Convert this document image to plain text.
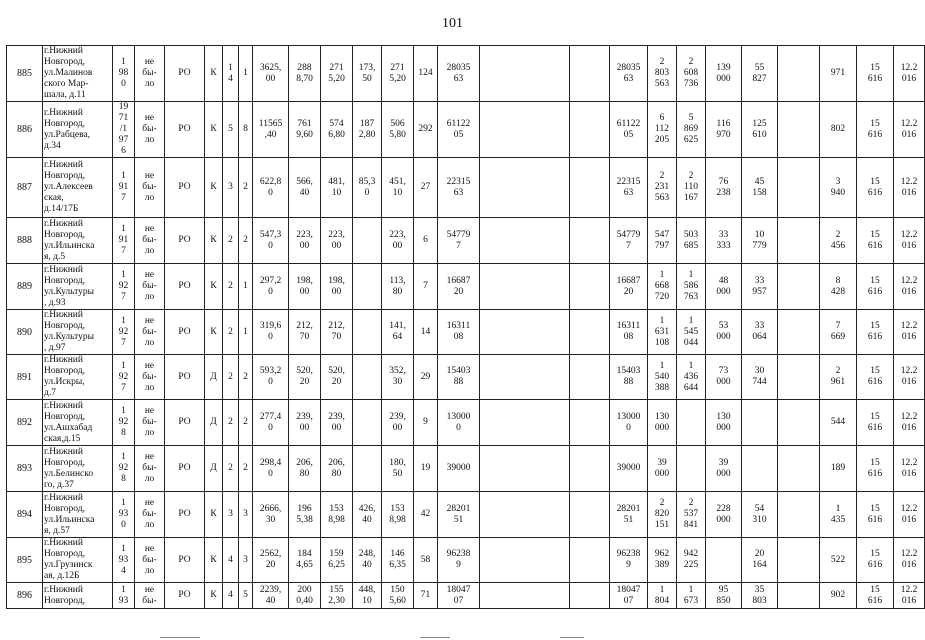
101
885	г.Нижний
Новгород,
ул.Малинов
ского Мар-
шала, д.11	1
98
0	не
бы-
ло	РО	К	1
4	1	3625,
00	288
8,70	271
5,20	173,
50	271
5,20	124	28035
63			28035
63	2
803
563	2
608
736	139
000	55
827		971	15
616	12.2
016
886	г.Нижний
Новгород,
ул.Рабцева,
д.34	19
71
/1
97
6	не
бы-
ло	РО	К	5	8	11565
,40	761
9,60	574
6,80	187
2,80	506
5,80	292	61122
05			61122
05	6
112
205	5
869
625	116
970	125
610		802	15
616	12.2
016
887	г.Нижний
Новгород,
ул.Алексеев
ская,
д.14/17Б	1
91
7	не
бы-
ло	РО	К	3	2	622,8
0	566,
40	481,
10	85,3
0	451,
10	27	22315
63			22315
63	2
231
563	2
110
167	76
238	45
158		3
940	15
616	12.2
016
888	г.Нижний
Новгород,
ул.Ильинска
я, д.5	1
91
7	не
бы-
ло	РО	К	2	2	547,3
0	223,
00	223,
00		223,
00	6	54779
7			54779
7	547
797	503
685	33
333	10
779		2
456	15
616	12.2
016
889	г.Нижний
Новгород,
ул.Культуры
, д.93	1
92
7	не
бы-
ло	РО	К	2	1	297,2
0	198,
00	198,
00		113,
80	7	16687
20			16687
20	1
668
720	1
586
763	48
000	33
957		8
428	15
616	12.2
016
890	г.Нижний
Новгород,
ул.Культуры
, д.97	1
92
7	не
бы-
ло	РО	К	2	1	319,6
0	212,
70	212,
70		141,
64	14	16311
08			16311
08	1
631
108	1
545
044	53
000	33
064		7
669	15
616	12.2
016
891	г.Нижний
Новгород,
ул.Искры,
д.7	1
92
7	не
бы-
ло	РО	Д	2	2	593,2
0	520,
20	520,
20		352,
30	29	15403
88			15403
88	1
540
388	1
436
644	73
000	30
744		2
961	15
616	12.2
016
892	г.Нижний
Новгород,
ул.Ашхабад
ская,д.15	1
92
8	не
бы-
ло	РО	Д	2	2	277,4
0	239,
00	239,
00		239,
00	9	13000
0			13000
0	130
000		130
000			544	15
616	12.2
016
893	г.Нижний
Новгород,
ул.Белинско
го, д.37	1
92
8	не
бы-
ло	РО	Д	2	2	298,4
0	206,
80	206,
80		180,
50	19	39000			39000	39
000		39
000			189	15
616	12.2
016
894	г.Нижний
Новгород,
ул.Ильинска
я, д.57	1
93
0	не
бы-
ло	РО	К	3	3	2666,
30	196
5,38	153
8,98	426,
40	153
8,98	42	28201
51			28201
51	2
820
151	2
537
841	228
000	54
310		1
435	15
616	12.2
016
895	г.Нижний
Новгород,
ул.Грузинск
ая, д.12Б	1
93
4	не
бы-
ло	РО	К	4	3	2562,
20	184
4,65	159
6,25	248,
40	146
6,35	58	96238
9			96238
9	962
389	942
225		20
164		522	15
616	12.2
016
896	г.Нижний
Новгород,	1
93	не
бы-	РО	К	4	5	2239,
40	200
0,40	155
2,30	448,
10	150
5,60	71	18047
07			18047
07	1
804	1
673	95
850	35
803		902	15
616	12.2
016
